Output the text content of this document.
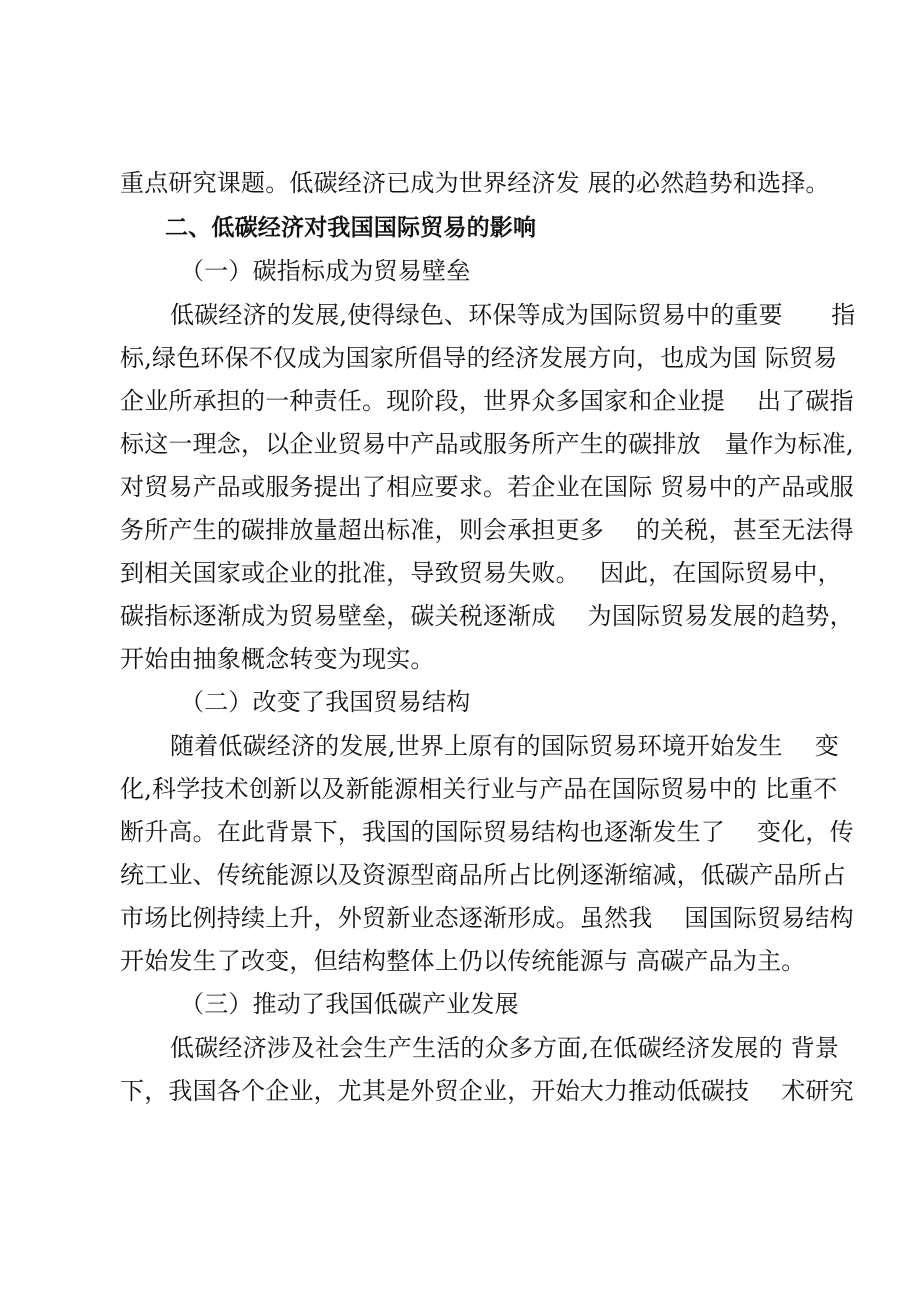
重点研究课题。低碳经济已成为世界经济发 展的必然趋势和选择。
二、低碳经济对我国国际贸易的影响
（一）碳指标成为贸易壁垒
低碳经济的发展,使得绿色、环保等成为国际贸易中的重要　　指
标,绿色环保不仅成为国家所倡导的经济发展方向，也成为国 际贸易
企业所承担的一种责任。现阶段，世界众多国家和企业提　 出了碳指
标这一理念，以企业贸易中产品或服务所产生的碳排放　量作为标准,
对贸易产品或服务提出了相应要求。若企业在国际 贸易中的产品或服
务所产生的碳排放量超出标准，则会承担更多　 的关税，甚至无法得
到相关国家或企业的批准，导致贸易失败。　 因此，在国际贸易中，
碳指标逐渐成为贸易壁垒，碳关税逐渐成　 为国际贸易发展的趋势，
开始由抽象概念转变为现实。
（二）改变了我国贸易结构
随着低碳经济的发展,世界上原有的国际贸易环境开始发生　 变
化,科学技术创新以及新能源相关行业与产品在国际贸易中的 比重不
断升高。在此背景下，我国的国际贸易结构也逐渐发生了　 变化，传
统工业、传统能源以及资源型商品所占比例逐渐缩减，低碳产品所占
市场比例持续上升，外贸新业态逐渐形成。虽然我　 国国际贸易结构
开始发生了改变，但结构整体上仍以传统能源与 高碳产品为主。
（三）推动了我国低碳产业发展
低碳经济涉及社会生产生活的众多方面,在低碳经济发展的 背景
下，我国各个企业，尤其是外贸企业，开始大力推动低碳技　 术研究
